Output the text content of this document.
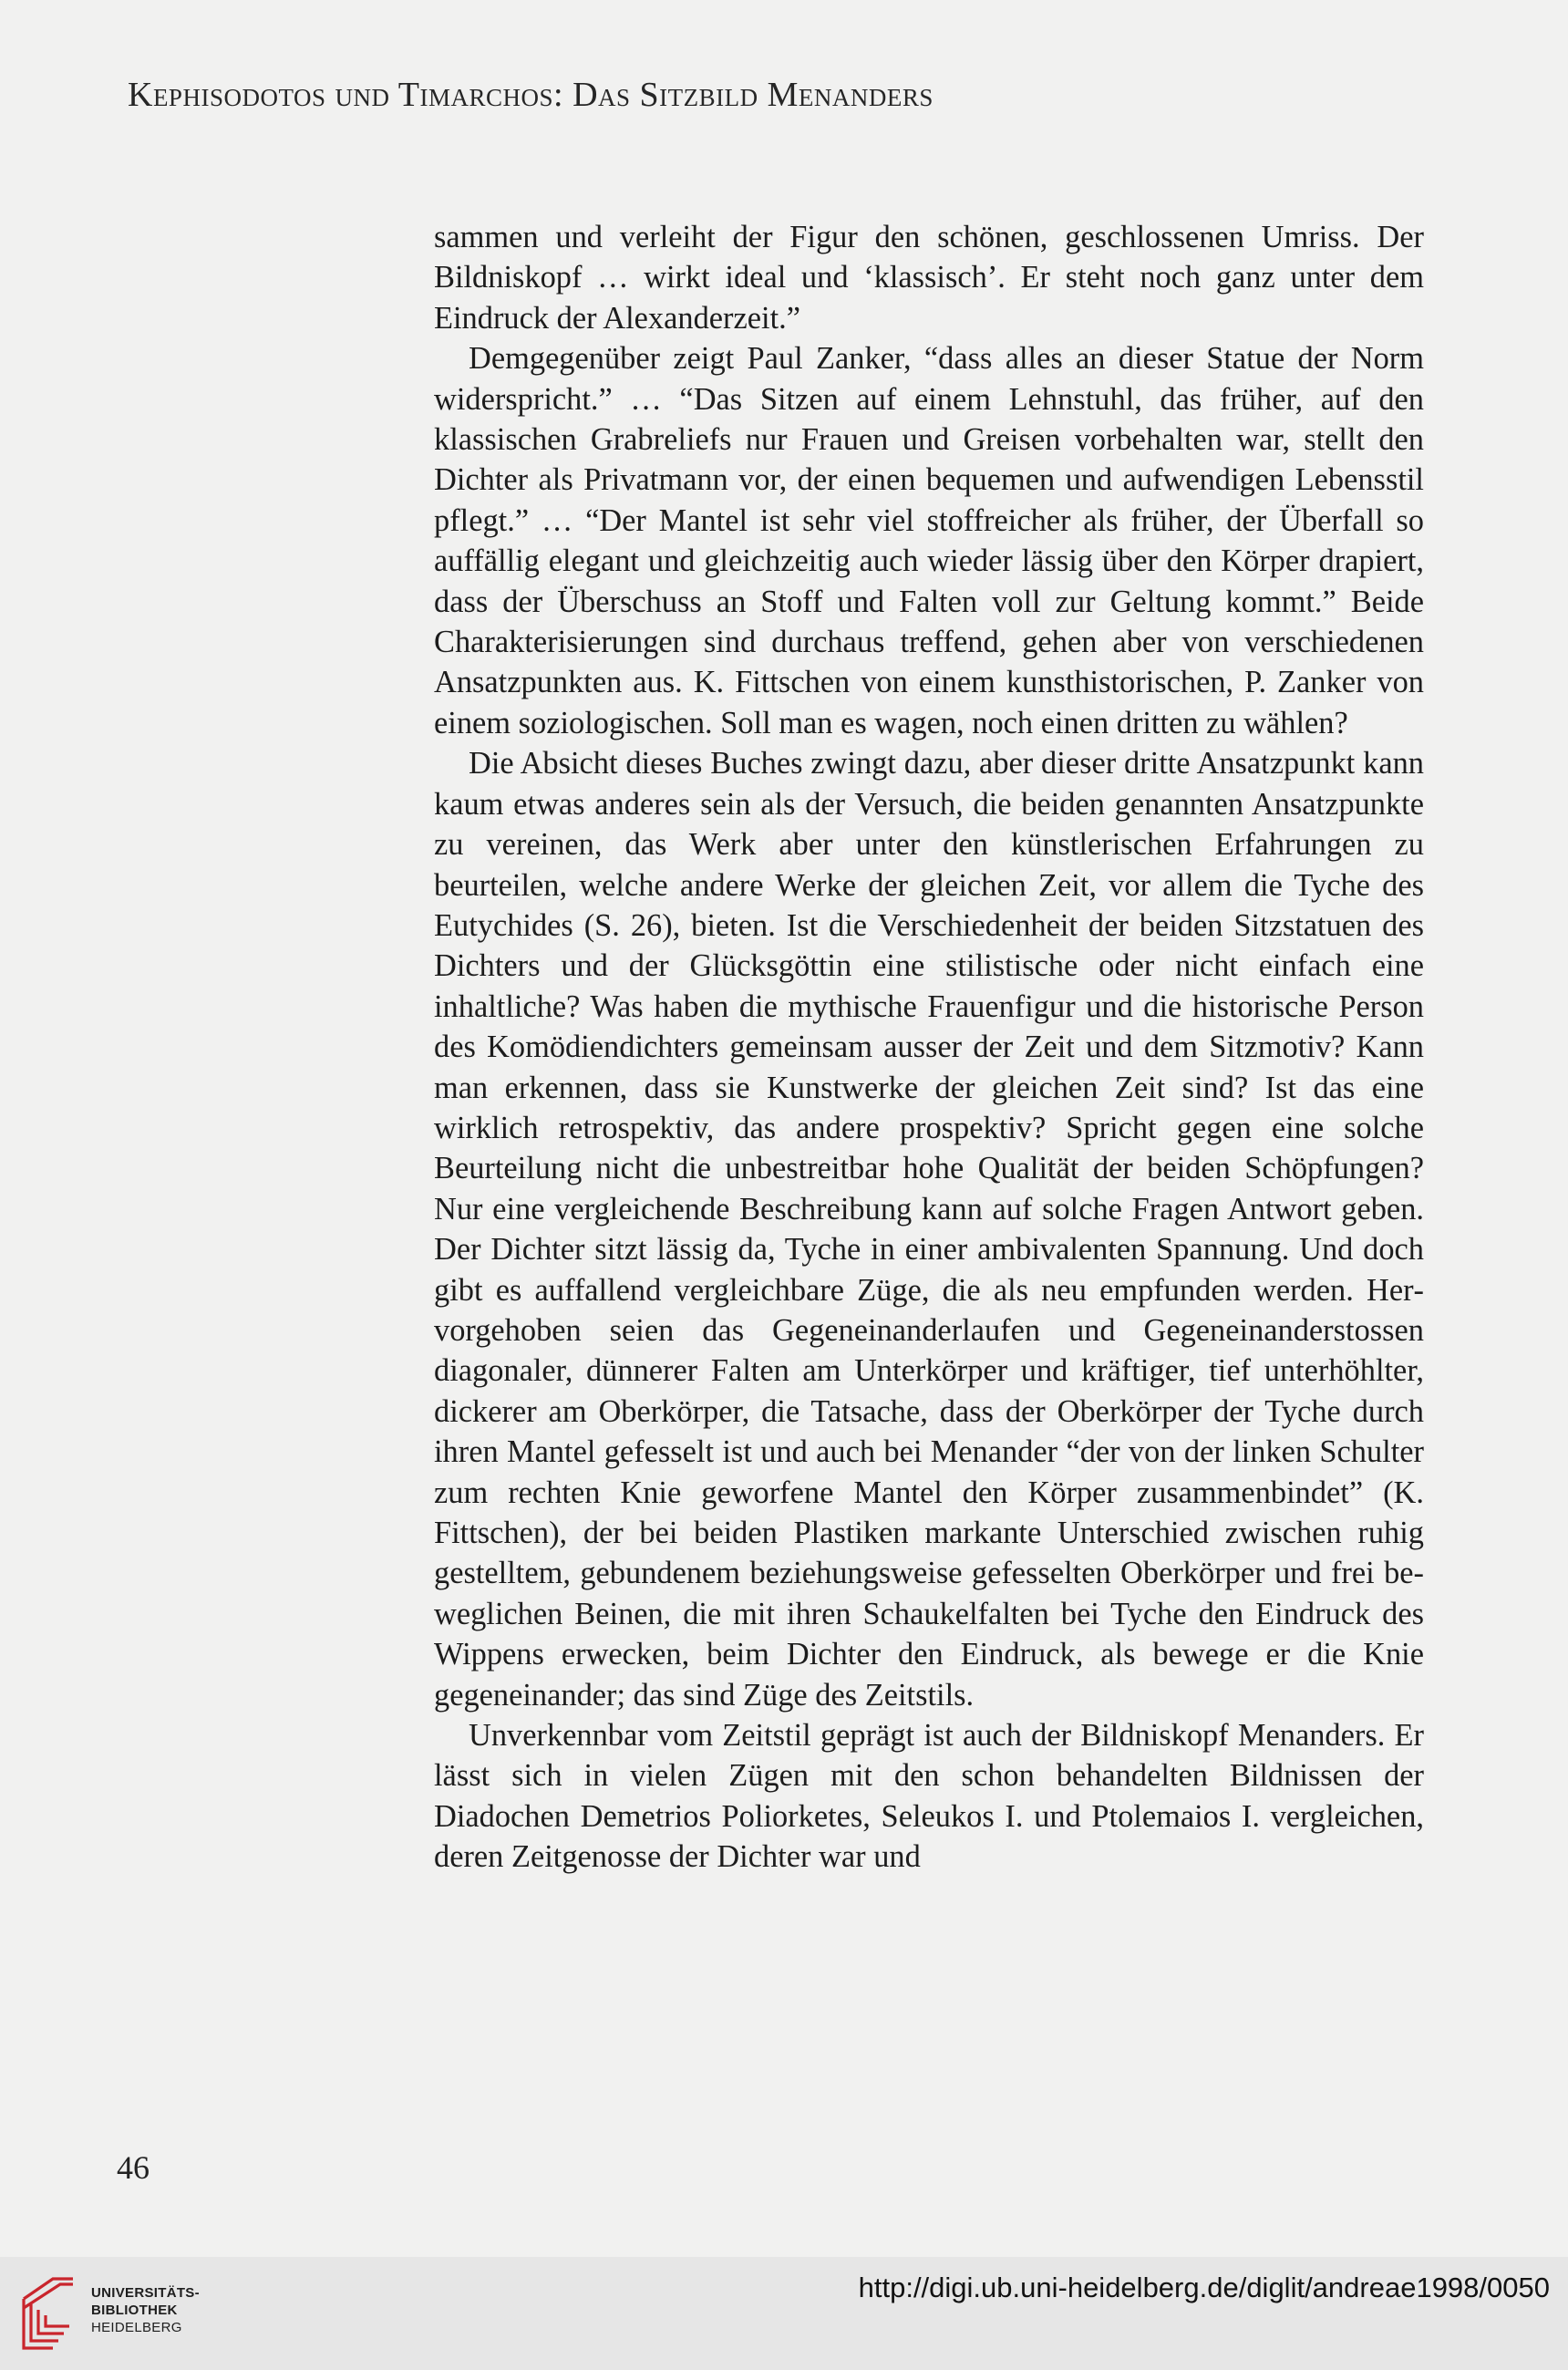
Kephisodotos und Timarchos: Das Sitzbild Menanders

sammen und verleiht der Figur den schönen, geschlossenen Umriss. Der Bildniskopf … wirkt ideal und ‘klassisch’. Er steht noch ganz unter dem Eindruck der Alexanderzeit.”

Demgegenüber zeigt Paul Zanker, “dass alles an dieser Statue der Norm widerspricht.” … “Das Sitzen auf einem Lehnstuhl, das früher, auf den klassischen Grabreliefs nur Frauen und Greisen vorbehalten war, stellt den Dichter als Privatmann vor, der einen bequemen und aufwendigen Lebensstil pflegt.” … “Der Mantel ist sehr viel stoffreicher als früher, der Überfall so auffällig elegant und gleichzeitig auch wieder lässig über den Körper drapiert, dass der Überschuss an Stoff und Falten voll zur Geltung kommt.” Beide Charakterisierungen sind durchaus treffend, gehen aber von verschiedenen Ansatzpunkten aus. K. Fittschen von einem kunsthistorischen, P. Zanker von einem soziologischen. Soll man es wagen, noch einen dritten zu wählen?

Die Absicht dieses Buches zwingt dazu, aber dieser dritte Ansatzpunkt kann kaum etwas anderes sein als der Versuch, die beiden genannten Ansatzpunkte zu vereinen, das Werk aber unter den künstlerischen Erfahrungen zu beurteilen, welche andere Werke der gleichen Zeit, vor allem die Tyche des Eutychides (S. 26), bieten. Ist die Verschiedenheit der beiden Sitzstatuen des Dichters und der Glücksgöttin eine stilistische oder nicht einfach eine inhaltliche? Was haben die mythische Frauenfigur und die historische Person des Komödiendichters gemeinsam ausser der Zeit und dem Sitzmotiv? Kann man erkennen, dass sie Kunstwerke der gleichen Zeit sind? Ist das eine wirklich retrospektiv, das andere prospektiv? Spricht gegen eine solche Beurteilung nicht die unbestreitbar hohe Qualität der beiden Schöpfungen? Nur eine vergleichende Beschreibung kann auf solche Fragen Antwort geben. Der Dichter sitzt lässig da, Tyche in einer ambivalenten Spannung. Und doch gibt es auffallend vergleichbare Züge, die als neu empfunden werden. Hervorgehoben seien das Gegeneinanderlaufen und Gegeneinanderstossen diagonaler, dünnerer Falten am Unterkörper und kräftiger, tief unterhöhlter, dickerer am Oberkörper, die Tatsache, dass der Oberkörper der Tyche durch ihren Mantel gefesselt ist und auch bei Menander “der von der linken Schulter zum rechten Knie geworfene Mantel den Körper zusammenbindet” (K. Fittschen), der bei beiden Plastiken markante Unterschied zwischen ruhig gestelltem, gebundenem beziehungsweise gefesselten Oberkörper und frei beweglichen Beinen, die mit ihren Schaukelfalten bei Tyche den Eindruck des Wippens erwecken, beim Dichter den Eindruck, als bewege er die Knie gegeneinander; das sind Züge des Zeitstils.

Unverkennbar vom Zeitstil geprägt ist auch der Bildniskopf Menanders. Er lässt sich in vielen Zügen mit den schon behandelten Bildnissen der Diadochen Demetrios Poliorketes, Seleukos I. und Ptolemaios I. vergleichen, deren Zeitgenosse der Dichter war und

46
UNIVERSITÄTS-
BIBLIOTHEK
HEIDELBERG
http://digi.ub.uni-heidelberg.de/diglit/andreae1998/0050
